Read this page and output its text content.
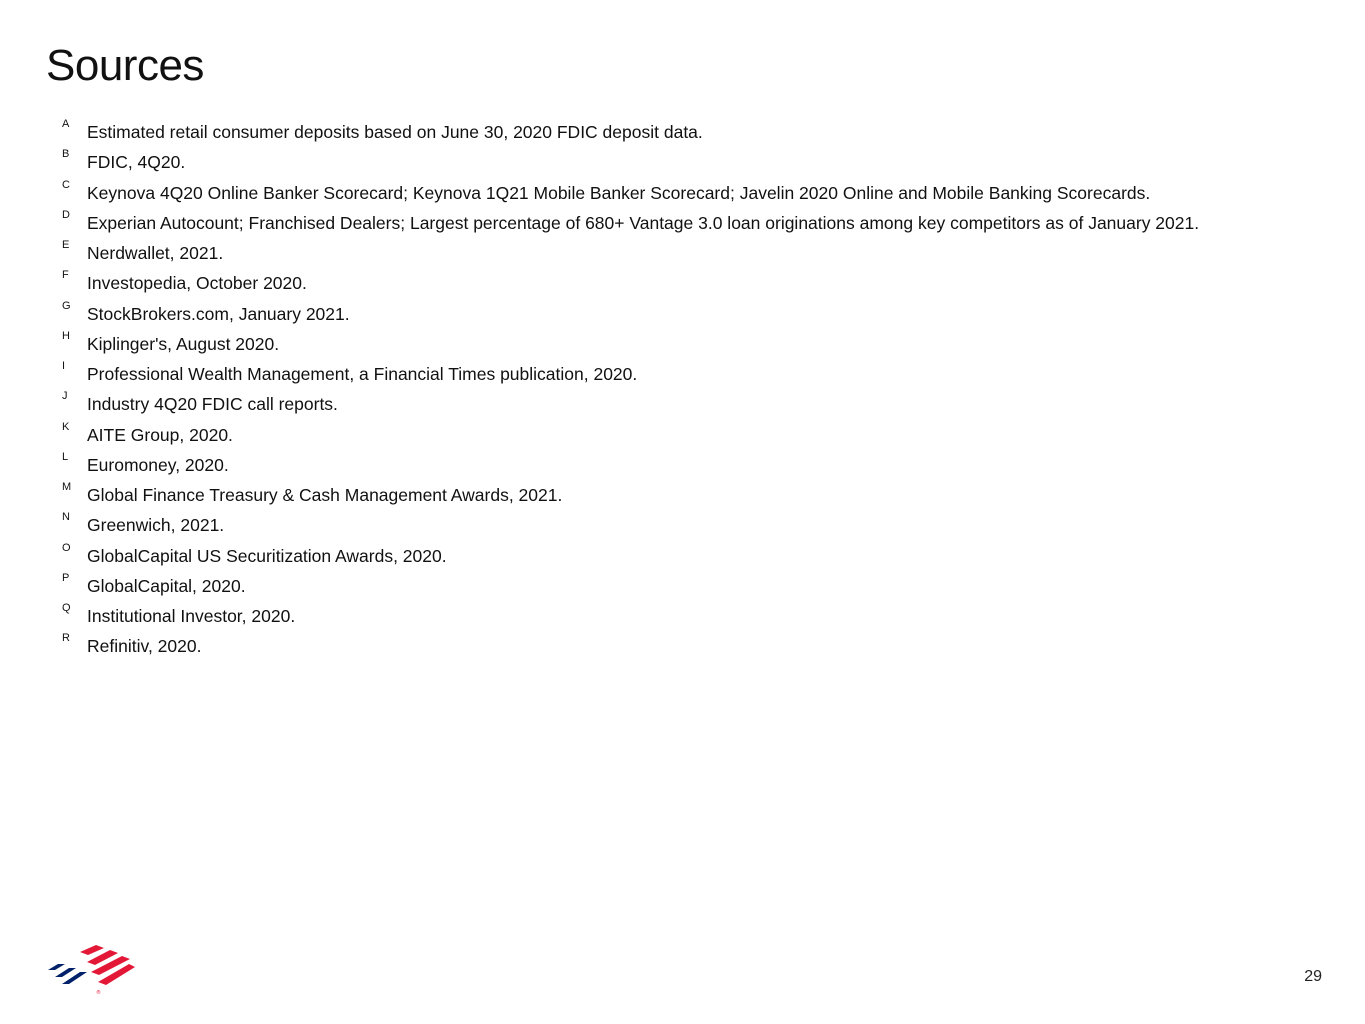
Sources
A	Estimated retail consumer deposits based on June 30, 2020 FDIC deposit data.
B	FDIC, 4Q20.
C Keynova 4Q20 Online Banker Scorecard; Keynova 1Q21 Mobile Banker Scorecard; Javelin 2020 Online and Mobile Banking Scorecards.
D Experian Autocount; Franchised Dealers; Largest percentage of 680+ Vantage 3.0 loan originations among key competitors as of January 2021.
E	Nerdwallet, 2021.
F	Investopedia, October 2020.
G StockBrokers.com, January 2021.
H Kiplinger's, August 2020.
I	Professional Wealth Management, a Financial Times publication, 2020.
J	Industry 4Q20 FDIC call reports.
K	AITE Group, 2020.
L	Euromoney, 2020.
M Global Finance Treasury & Cash Management Awards, 2021.
N Greenwich, 2021.
O GlobalCapital US Securitization Awards, 2020.
P	GlobalCapital, 2020.
Q Institutional Investor, 2020.
R Refinitiv, 2020.
®
29
